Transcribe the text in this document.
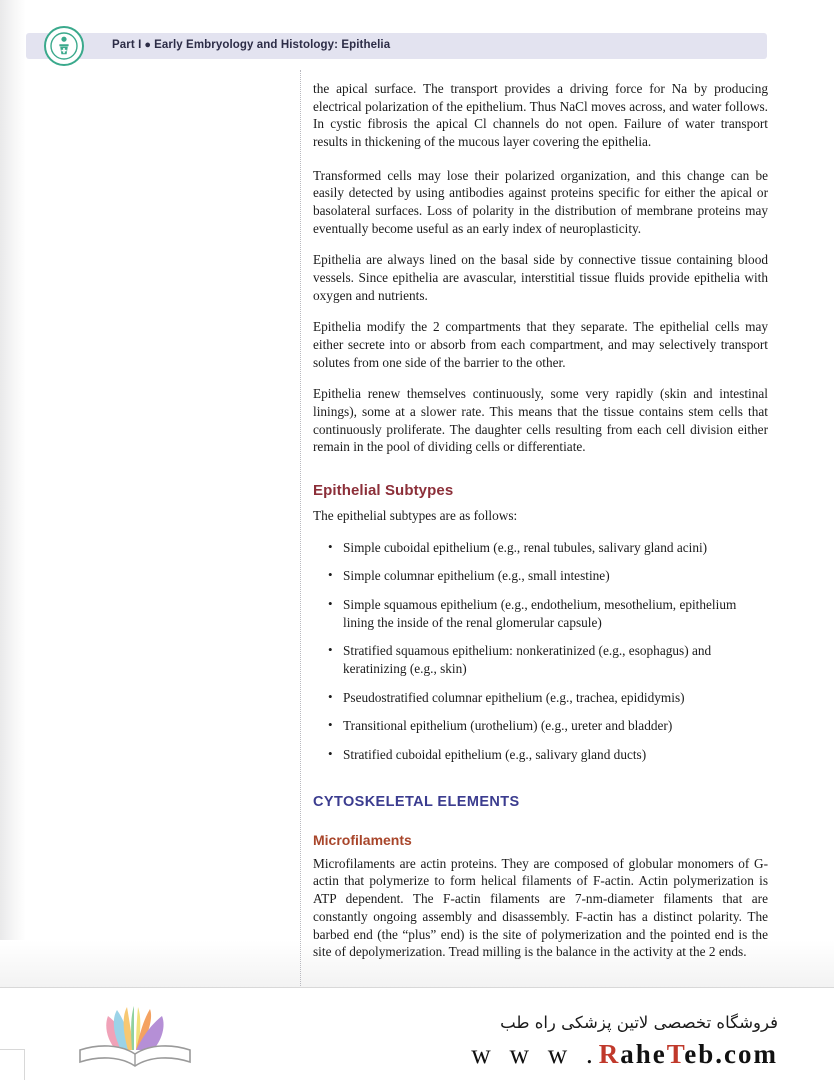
Part I ● Early Embryology and Histology: Epithelia

the apical surface. The transport provides a driving force for Na by producing electrical polarization of the epithelium. Thus NaCl moves across, and water follows. In cystic fibrosis the apical Cl channels do not open. Failure of water transport results in thickening of the mucous layer covering the epithelia.

Transformed cells may lose their polarized organization, and this change can be easily detected by using antibodies against proteins specific for either the apical or basolateral surfaces. Loss of polarity in the distribution of membrane proteins may eventually become useful as an early index of neuroplasticity.

Epithelia are always lined on the basal side by connective tissue containing blood vessels. Since epithelia are avascular, interstitial tissue fluids provide epithelia with oxygen and nutrients.

Epithelia modify the 2 compartments that they separate. The epithelial cells may either secrete into or absorb from each compartment, and may selectively transport solutes from one side of the barrier to the other.

Epithelia renew themselves continuously, some very rapidly (skin and intestinal linings), some at a slower rate. This means that the tissue contains stem cells that continuously proliferate. The daughter cells resulting from each cell division either remain in the pool of dividing cells or differentiate.

Epithelial Subtypes

The epithelial subtypes are as follows:

• Simple cuboidal epithelium (e.g., renal tubules, salivary gland acini)
• Simple columnar epithelium (e.g., small intestine)
• Simple squamous epithelium (e.g., endothelium, mesothelium, epithelium lining the inside of the renal glomerular capsule)
• Stratified squamous epithelium: nonkeratinized (e.g., esophagus) and keratinizing (e.g., skin)
• Pseudostratified columnar epithelium (e.g., trachea, epididymis)
• Transitional epithelium (urothelium) (e.g., ureter and bladder)
• Stratified cuboidal epithelium (e.g., salivary gland ducts)
CYTOSKELETAL ELEMENTS
Microfilaments

Microfilaments are actin proteins. They are composed of globular monomers of G-actin that polymerize to form helical filaments of F-actin. Actin polymerization is ATP dependent. The F-actin filaments are 7-nm-diameter filaments that are constantly ongoing assembly and disassembly. F-actin has a distinct polarity. The barbed end (the “plus” end) is the site of polymerization and the pointed end is the site of depolymerization. Tread milling is the balance in the activity at the 2 ends.

فروشگاه تخصصی لاتین پزشکی راه طب
w w w .RaheTeb.com
